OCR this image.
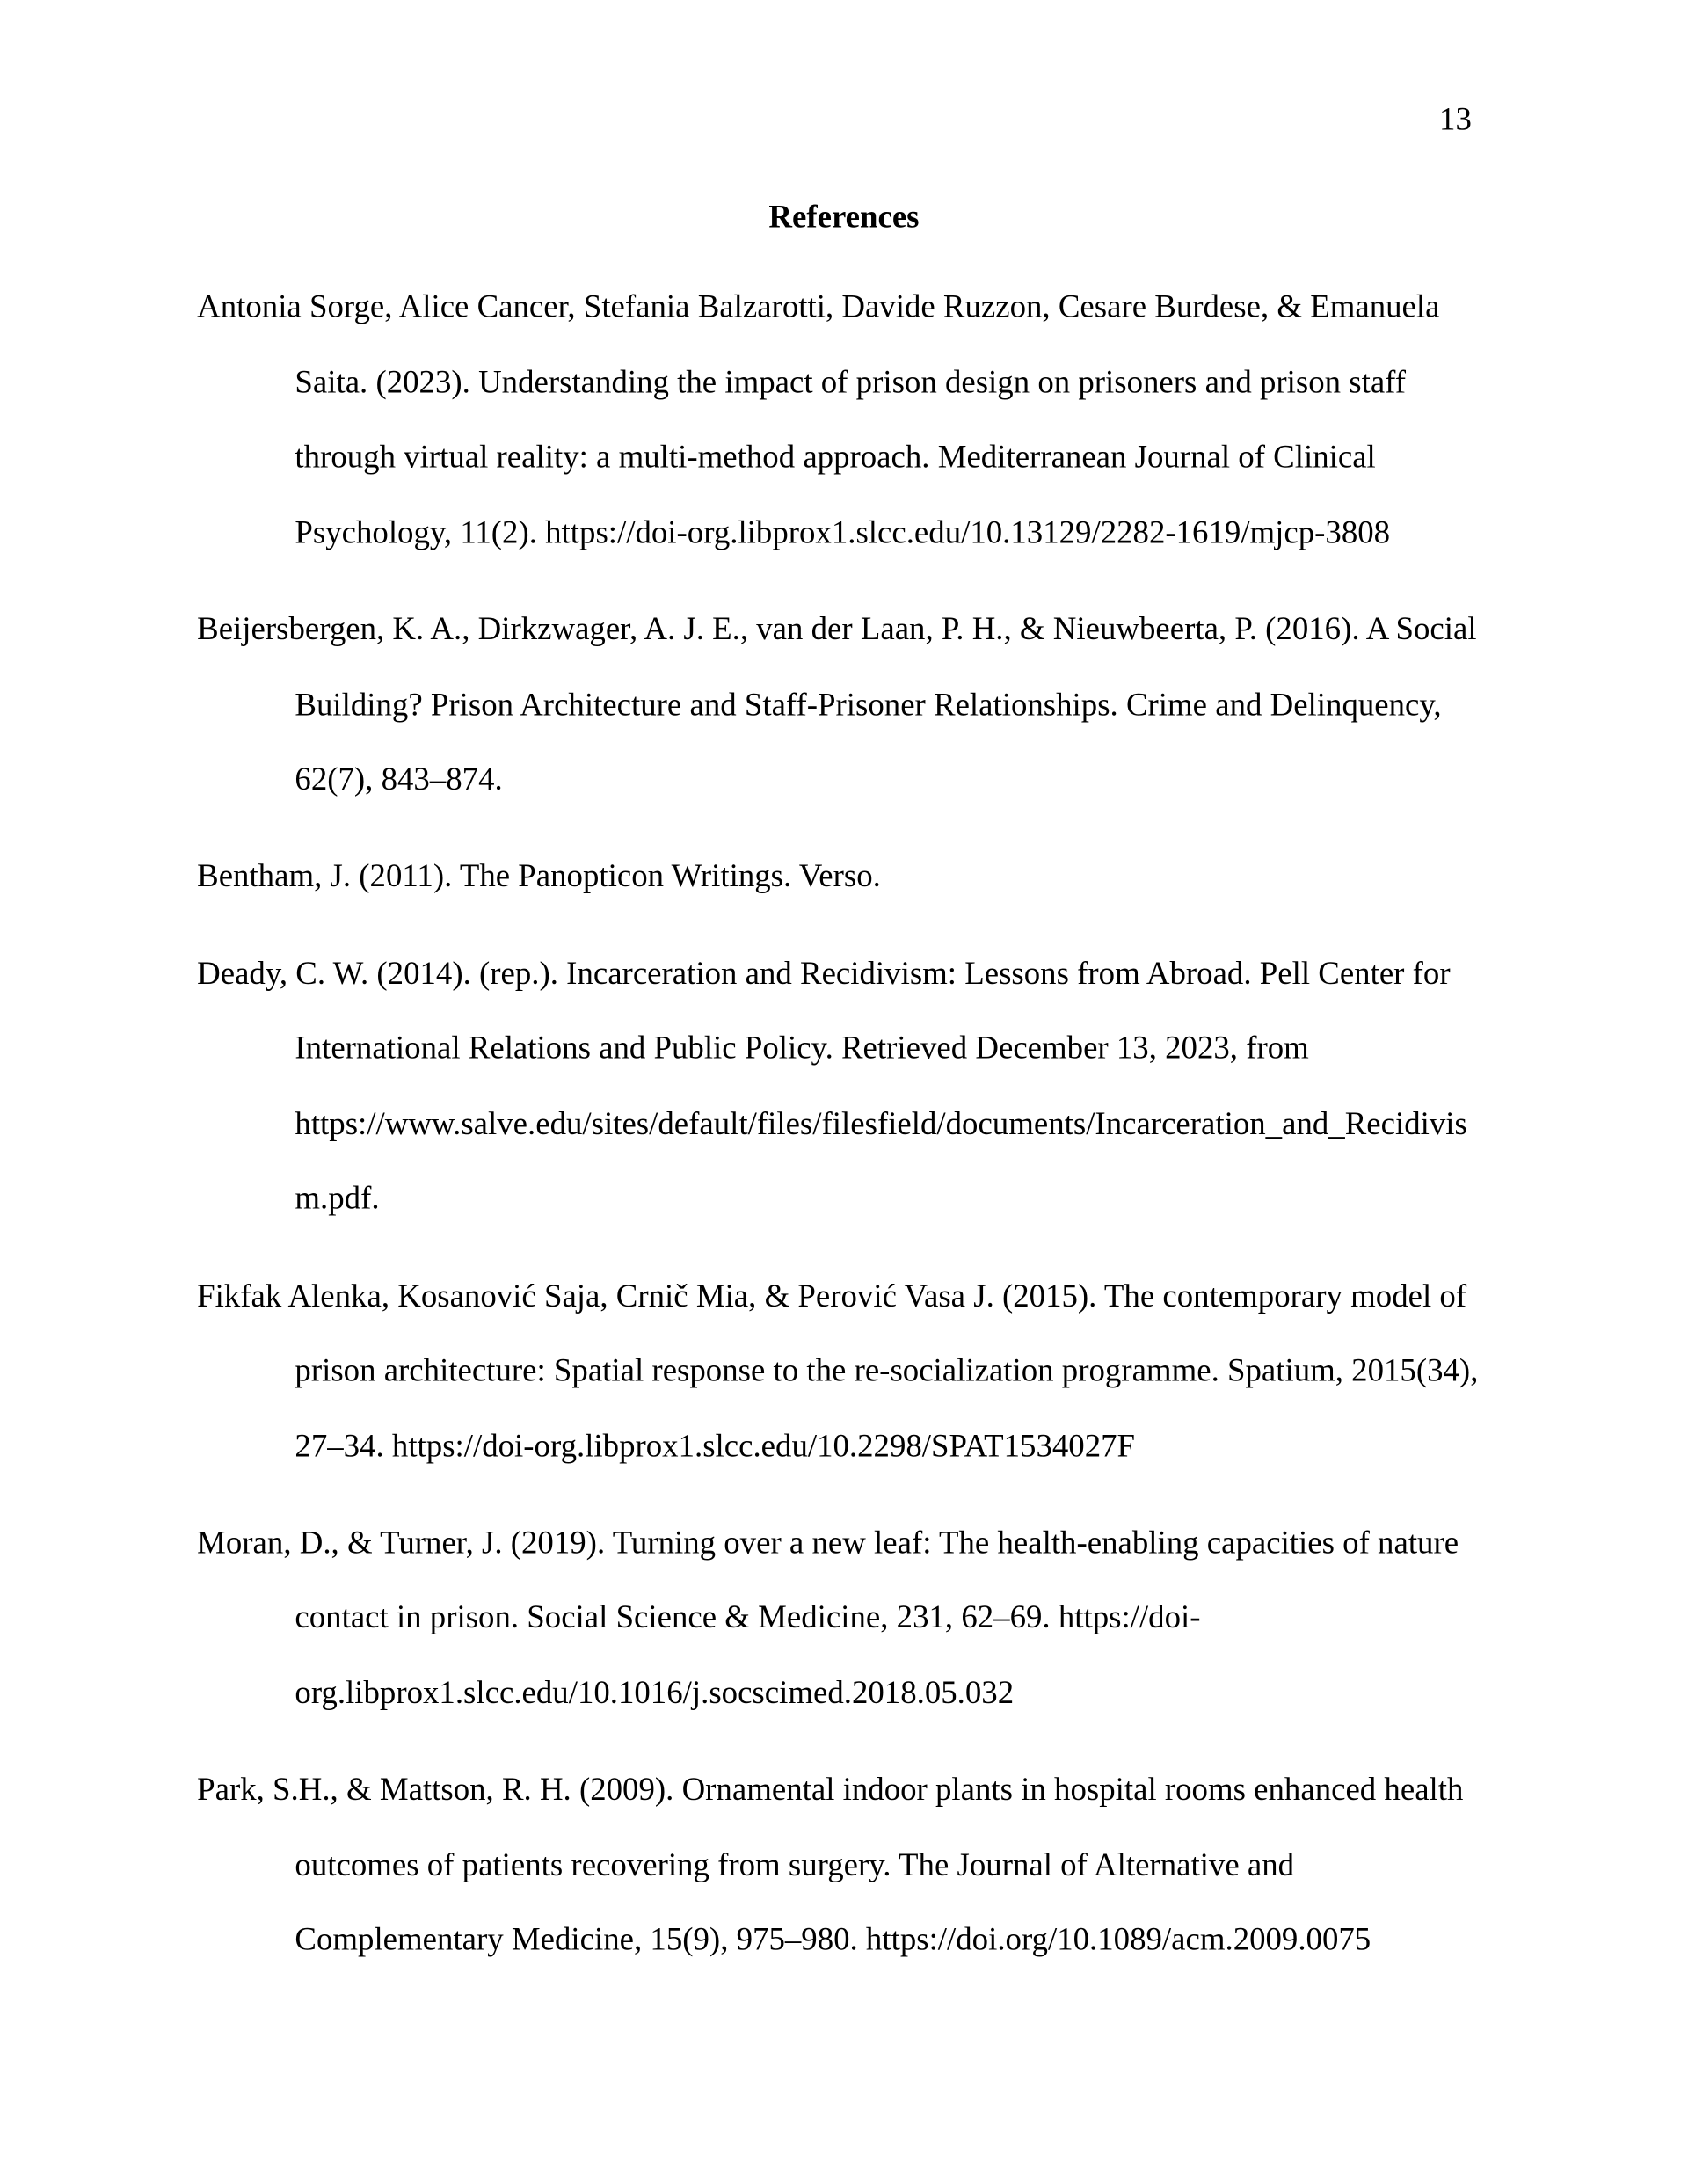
13
References
Antonia Sorge, Alice Cancer, Stefania Balzarotti, Davide Ruzzon, Cesare Burdese, & Emanuela Saita. (2023). Understanding the impact of prison design on prisoners and prison staff through virtual reality: a multi-method approach. Mediterranean Journal of Clinical Psychology, 11(2). https://doi-org.libprox1.slcc.edu/10.13129/2282-1619/mjcp-3808
Beijersbergen, K. A., Dirkzwager, A. J. E., van der Laan, P. H., & Nieuwbeerta, P. (2016). A Social Building? Prison Architecture and Staff-Prisoner Relationships. Crime and Delinquency, 62(7), 843–874.
Bentham, J. (2011). The Panopticon Writings. Verso.
Deady, C. W. (2014). (rep.). Incarceration and Recidivism: Lessons from Abroad. Pell Center for International Relations and Public Policy. Retrieved December 13, 2023, from https://www.salve.edu/sites/default/files/filesfield/documents/Incarceration_and_Recidivism.pdf.
Fikfak Alenka, Kosanović Saja, Crnič Mia, & Perović Vasa J. (2015). The contemporary model of prison architecture: Spatial response to the re-socialization programme. Spatium, 2015(34), 27–34. https://doi-org.libprox1.slcc.edu/10.2298/SPAT1534027F
Moran, D., & Turner, J. (2019). Turning over a new leaf: The health-enabling capacities of nature contact in prison. Social Science & Medicine, 231, 62–69. https://doi-org.libprox1.slcc.edu/10.1016/j.socscimed.2018.05.032
Park, S.H., & Mattson, R. H. (2009). Ornamental indoor plants in hospital rooms enhanced health outcomes of patients recovering from surgery. The Journal of Alternative and Complementary Medicine, 15(9), 975–980. https://doi.org/10.1089/acm.2009.0075
